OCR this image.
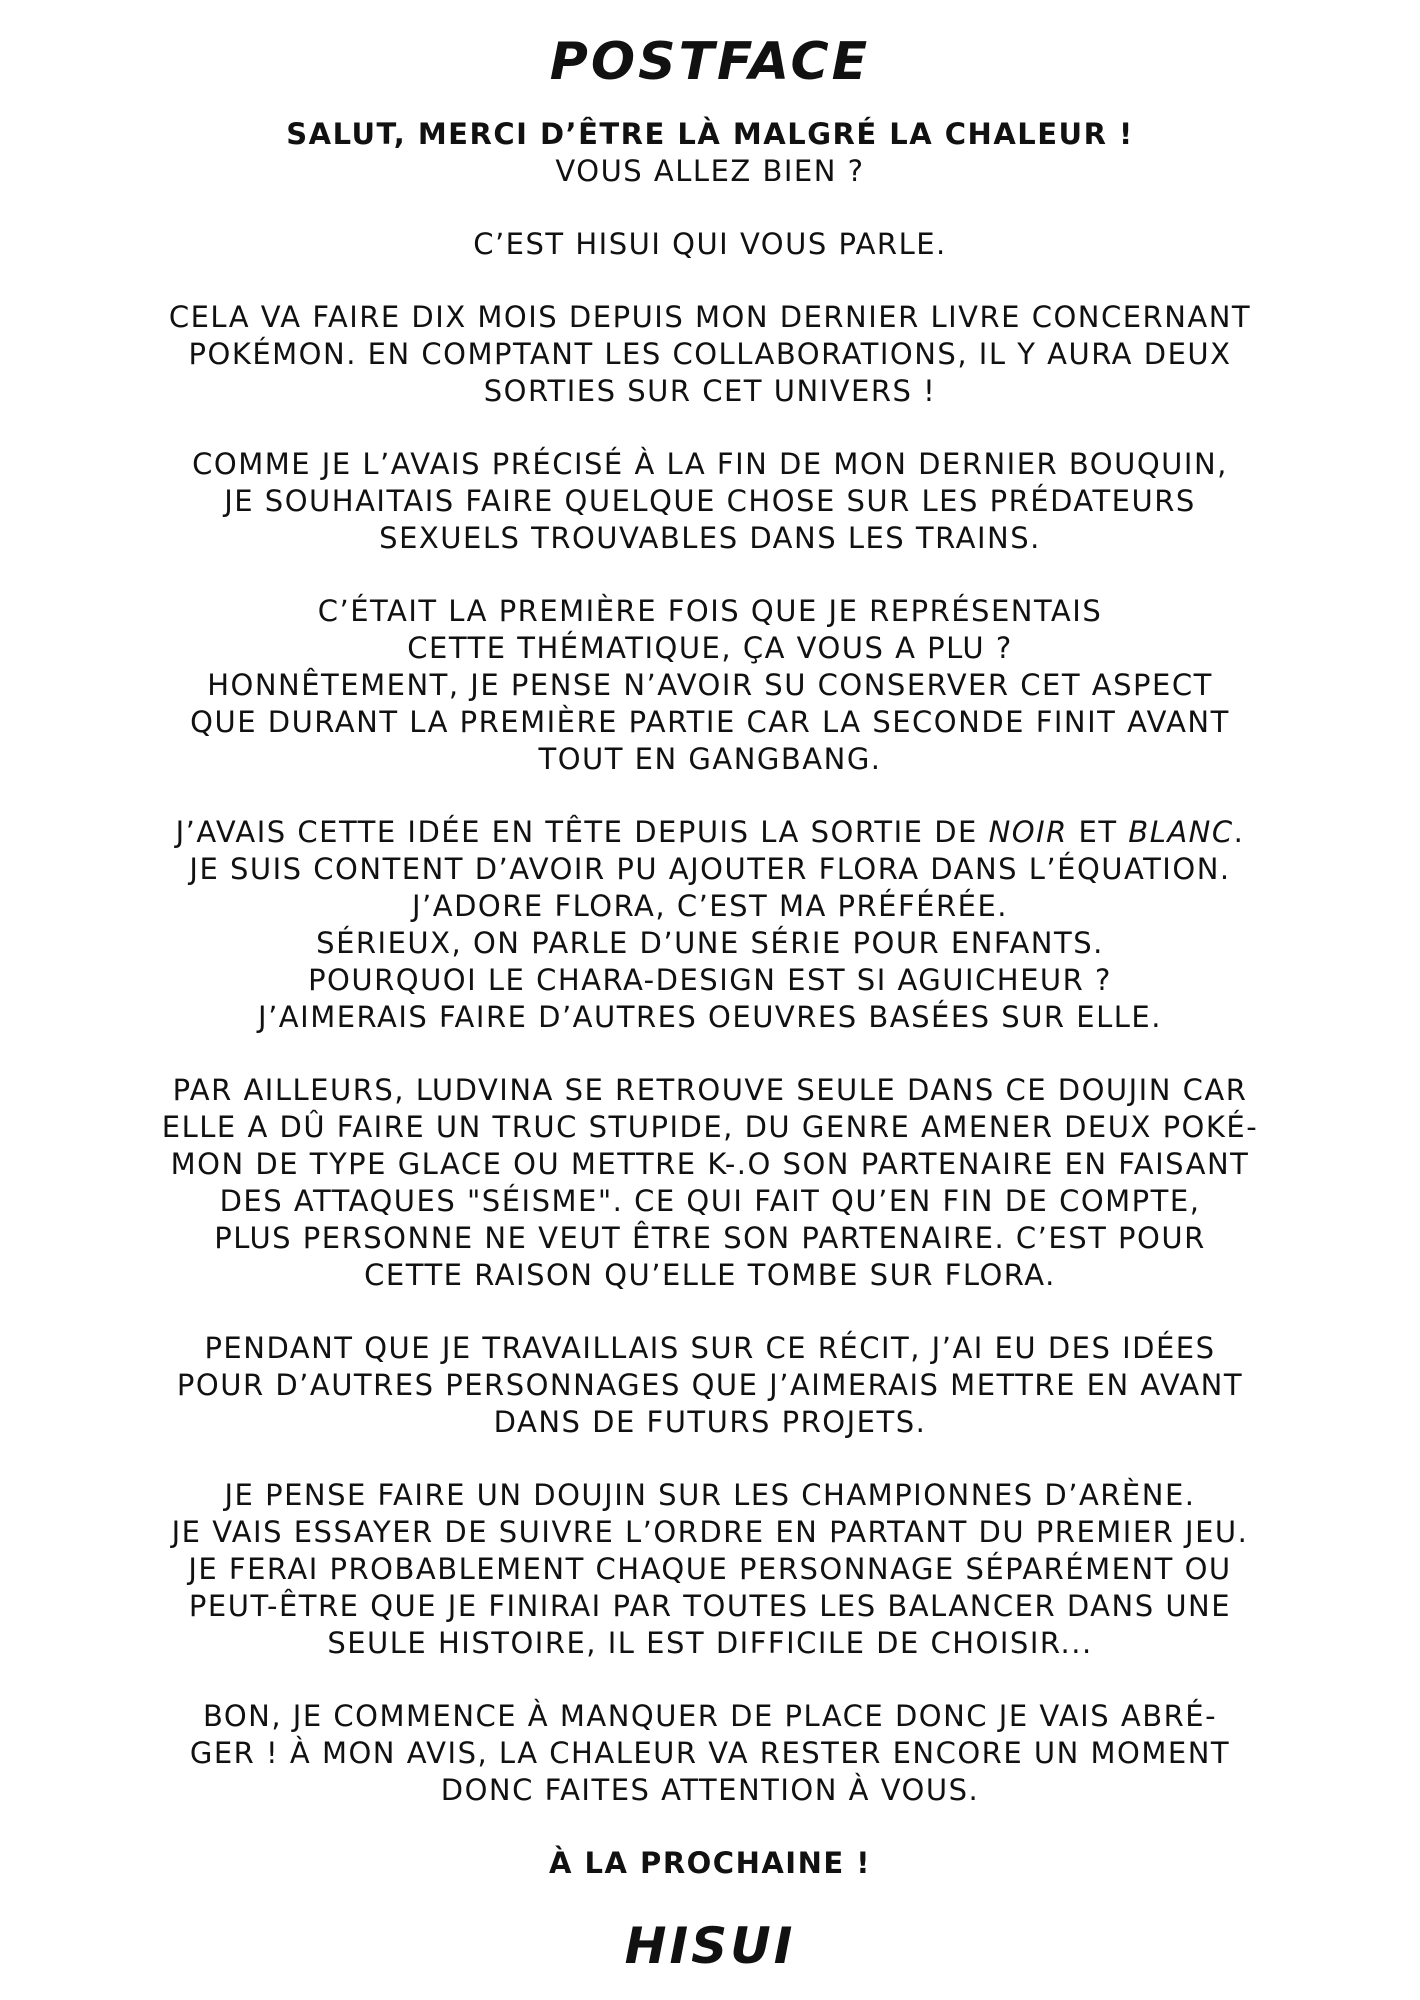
POSTFACE
SALUT, MERCI D’ÊTRE LÀ MALGRÉ LA CHALEUR !
VOUS ALLEZ BIEN ?
C’EST HISUI QUI VOUS PARLE.
CELA VA FAIRE DIX MOIS DEPUIS MON DERNIER LIVRE CONCERNANT
POKÉMON. EN COMPTANT LES COLLABORATIONS, IL Y AURA DEUX
SORTIES SUR CET UNIVERS !
COMME JE L’AVAIS PRÉCISÉ À LA FIN DE MON DERNIER BOUQUIN,
JE SOUHAITAIS FAIRE QUELQUE CHOSE SUR LES PRÉDATEURS
SEXUELS TROUVABLES DANS LES TRAINS.
C’ÉTAIT LA PREMIÈRE FOIS QUE JE REPRÉSENTAIS
CETTE THÉMATIQUE, ÇA VOUS A PLU ?
HONNÊTEMENT, JE PENSE N’AVOIR SU CONSERVER CET ASPECT
QUE DURANT LA PREMIÈRE PARTIE CAR LA SECONDE FINIT AVANT
TOUT EN GANGBANG.
J’AVAIS CETTE IDÉE EN TÊTE DEPUIS LA SORTIE DE NOIR ET BLANC.
JE SUIS CONTENT D’AVOIR PU AJOUTER FLORA DANS L’ÉQUATION.
J’ADORE FLORA, C’EST MA PRÉFÉRÉE.
SÉRIEUX, ON PARLE D’UNE SÉRIE POUR ENFANTS.
POURQUOI LE CHARA-DESIGN EST SI AGUICHEUR ?
J’AIMERAIS FAIRE D’AUTRES OEUVRES BASÉES SUR ELLE.
PAR AILLEURS, LUDVINA SE RETROUVE SEULE DANS CE DOUJIN CAR
ELLE A DÛ FAIRE UN TRUC STUPIDE, DU GENRE AMENER DEUX POKÉ-
MON DE TYPE GLACE OU METTRE K-.O SON PARTENAIRE EN FAISANT
DES ATTAQUES "SÉISME". CE QUI FAIT QU’EN FIN DE COMPTE,
PLUS PERSONNE NE VEUT ÊTRE SON PARTENAIRE. C’EST POUR
CETTE RAISON QU’ELLE TOMBE SUR FLORA.
PENDANT QUE JE TRAVAILLAIS SUR CE RÉCIT, J’AI EU DES IDÉES
POUR D’AUTRES PERSONNAGES QUE J’AIMERAIS METTRE EN AVANT
DANS DE FUTURS PROJETS.
JE PENSE FAIRE UN DOUJIN SUR LES CHAMPIONNES D’ARÈNE.
JE VAIS ESSAYER DE SUIVRE L’ORDRE EN PARTANT DU PREMIER JEU.
JE FERAI PROBABLEMENT CHAQUE PERSONNAGE SÉPARÉMENT OU
PEUT-ÊTRE QUE JE FINIRAI PAR TOUTES LES BALANCER DANS UNE
SEULE HISTOIRE, IL EST DIFFICILE DE CHOISIR...
BON, JE COMMENCE À MANQUER DE PLACE DONC JE VAIS ABRÉ-
GER ! À MON AVIS, LA CHALEUR VA RESTER ENCORE UN MOMENT
DONC FAITES ATTENTION À VOUS.
À LA PROCHAINE !
HISUI
